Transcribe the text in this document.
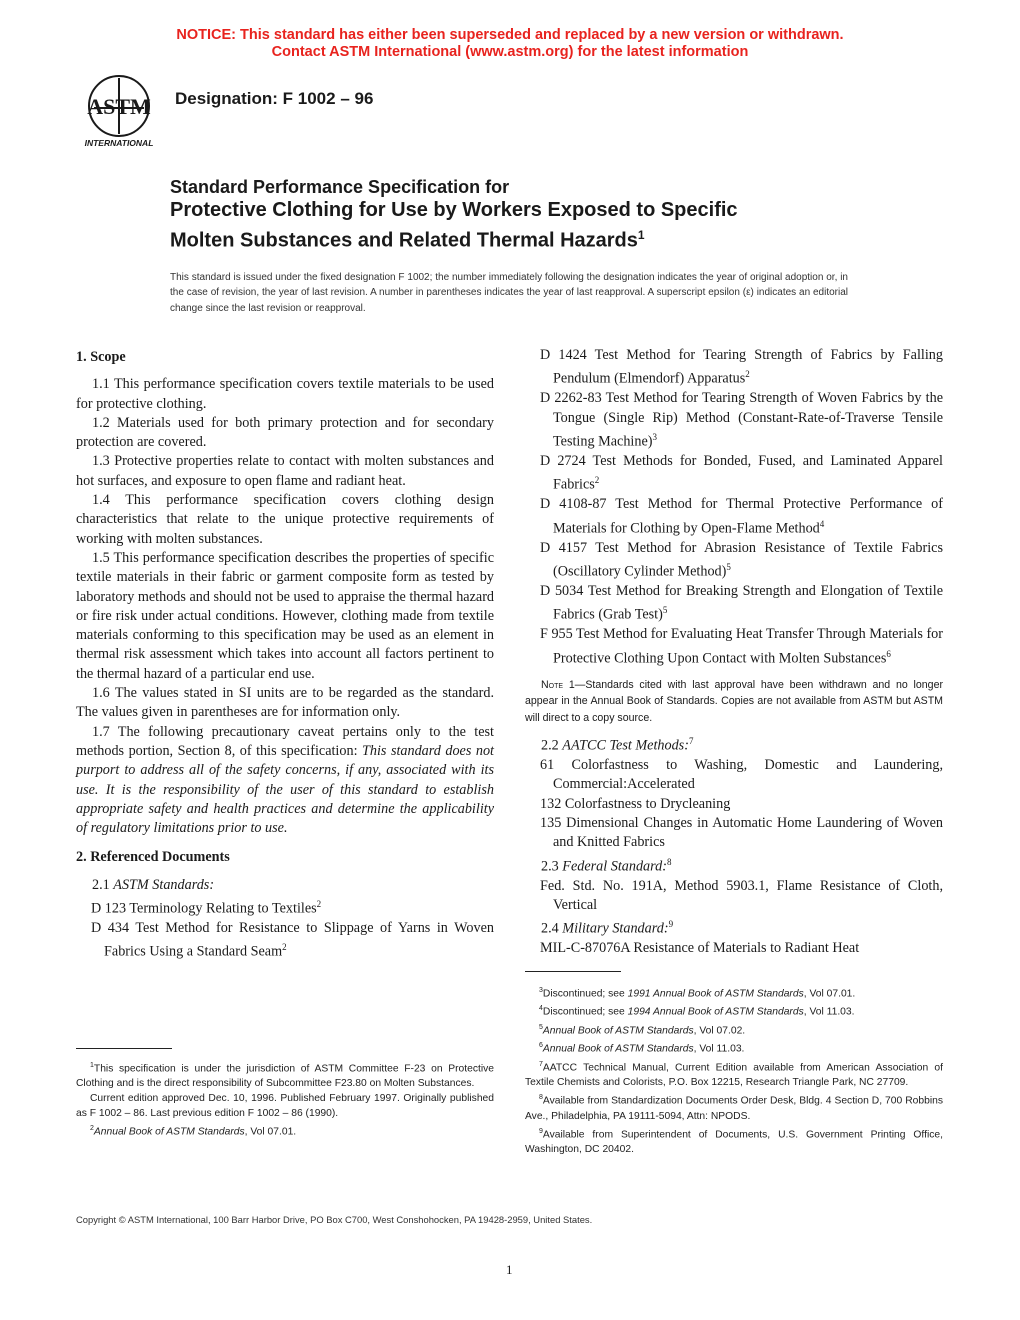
NOTICE: This standard has either been superseded and replaced by a new version or withdrawn.
Contact ASTM International (www.astm.org) for the latest information
ASTM
INTERNATIONAL
Designation: F 1002 – 96
Standard Performance Specification for
Protective Clothing for Use by Workers Exposed to Specific
Molten Substances and Related Thermal Hazards$^1$
This standard is issued under the fixed designation F 1002; the number immediately following the designation indicates the year of original adoption or, in the case of revision, the year of last revision. A number in parentheses indicates the year of last reapproval. A superscript epsilon (ε) indicates an editorial change since the last revision or reapproval.

1. Scope

1.1 This performance specification covers textile materials to be used for protective clothing.

1.2 Materials used for both primary protection and for secondary protection are covered.

1.3 Protective properties relate to contact with molten substances and hot surfaces, and exposure to open flame and radiant heat.

1.4 This performance specification covers clothing design characteristics that relate to the unique protective requirements of working with molten substances.

1.5 This performance specification describes the properties of specific textile materials in their fabric or garment composite form as tested by laboratory methods and should not be used to appraise the thermal hazard or fire risk under actual conditions. However, clothing made from textile materials conforming to this specification may be used as an element in thermal risk assessment which takes into account all factors pertinent to the thermal hazard of a particular end use.

1.6 The values stated in SI units are to be regarded as the standard. The values given in parentheses are for information only.

1.7 The following precautionary caveat pertains only to the test methods portion, Section 8, of this specification: This standard does not purport to address all of the safety concerns, if any, associated with its use. It is the responsibility of the user of this standard to establish appropriate safety and health practices and determine the applicability of regulatory limitations prior to use.

2. Referenced Documents

2.1 ASTM Standards:

D 123 Terminology Relating to Textiles$^2$

D 434 Test Method for Resistance to Slippage of Yarns in Woven Fabrics Using a Standard Seam$^2$

D 1424 Test Method for Tearing Strength of Fabrics by Falling Pendulum (Elmendorf) Apparatus$^2$

D 2262-83 Test Method for Tearing Strength of Woven Fabrics by the Tongue (Single Rip) Method (Constant-Rate-of-Traverse Tensile Testing Machine)$^3$

D 2724 Test Methods for Bonded, Fused, and Laminated Apparel Fabrics$^2$

D 4108-87 Test Method for Thermal Protective Performance of Materials for Clothing by Open-Flame Method$^4$

D 4157 Test Method for Abrasion Resistance of Textile Fabrics (Oscillatory Cylinder Method)$^5$

D 5034 Test Method for Breaking Strength and Elongation of Textile Fabrics (Grab Test)$^5$

F 955 Test Method for Evaluating Heat Transfer Through Materials for Protective Clothing Upon Contact with Molten Substances$^6$

Note 1—Standards cited with last approval have been withdrawn and no longer appear in the Annual Book of Standards. Copies are not available from ASTM but ASTM will direct to a copy source.

2.2 AATCC Test Methods:$^7$

61 Colorfastness to Washing, Domestic and Laundering, Commercial:Accelerated

132 Colorfastness to Drycleaning

135 Dimensional Changes in Automatic Home Laundering of Woven and Knitted Fabrics

2.3 Federal Standard:$^8$

Fed. Std. No. 191A, Method 5903.1, Flame Resistance of Cloth, Vertical

2.4 Military Standard:$^9$

MIL-C-87076A Resistance of Materials to Radiant Heat

$^1$This specification is under the jurisdiction of ASTM Committee F-23 on Protective Clothing and is the direct responsibility of Subcommittee F23.80 on Molten Substances.

Current edition approved Dec. 10, 1996. Published February 1997. Originally published as F 1002 – 86. Last previous edition F 1002 – 86 (1990).

$^2$Annual Book of ASTM Standards, Vol 07.01.

$^3$Discontinued; see 1991 Annual Book of ASTM Standards, Vol 07.01.

$^4$Discontinued; see 1994 Annual Book of ASTM Standards, Vol 11.03.

$^5$Annual Book of ASTM Standards, Vol 07.02.

$^6$Annual Book of ASTM Standards, Vol 11.03.

$^7$AATCC Technical Manual, Current Edition available from American Association of Textile Chemists and Colorists, P.O. Box 12215, Research Triangle Park, NC 27709.

$^8$Available from Standardization Documents Order Desk, Bldg. 4 Section D, 700 Robbins Ave., Philadelphia, PA 19111-5094, Attn: NPODS.

$^9$Available from Superintendent of Documents, U.S. Government Printing Office, Washington, DC 20402.

Copyright © ASTM International, 100 Barr Harbor Drive, PO Box C700, West Conshohocken, PA 19428-2959, United States.
1
